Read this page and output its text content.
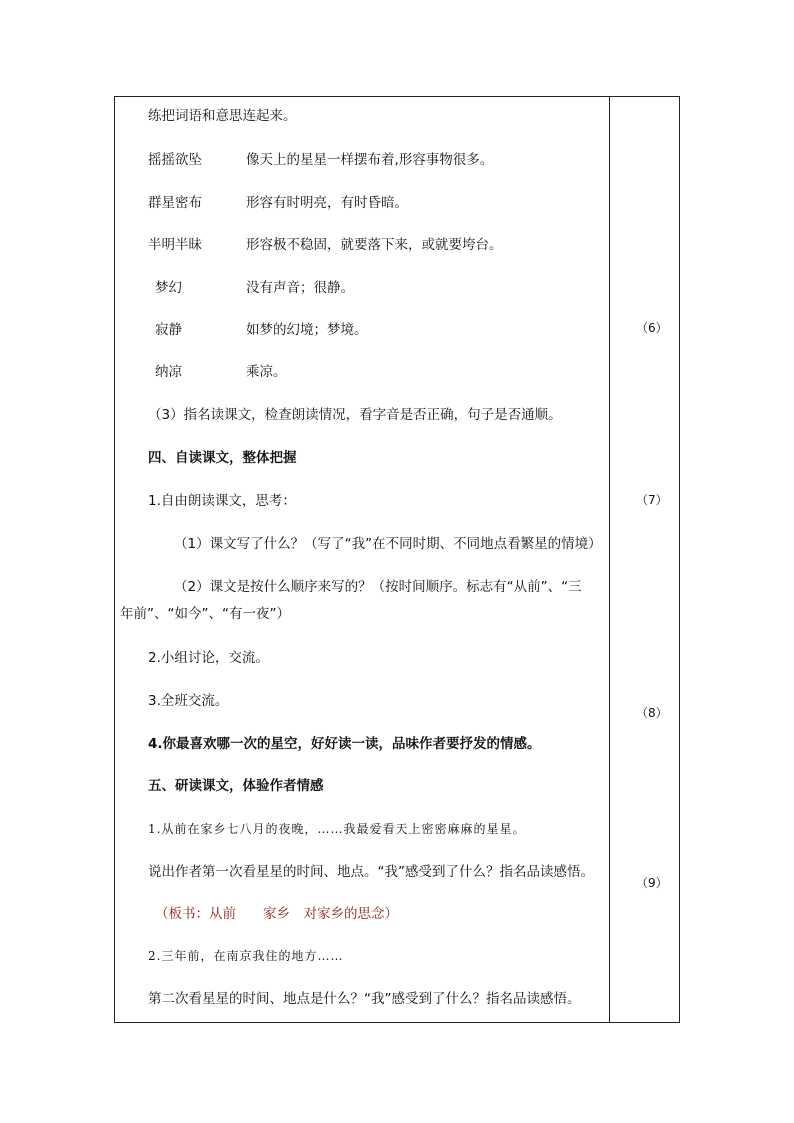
练把词语和意思连起来。
摇摇欲坠	像天上的星星一样摆布着,形容事物很多。
群星密布	形容有时明亮，有时昏暗。
半明半昧	形容极不稳固，就要落下来，或就要垮台。
梦幻	没有声音；很静。
寂静	如梦的幻境；梦境。
纳凉	乘凉。
（3）指名读课文，检查朗读情况，看字音是否正确，句子是否通顺。
四、自读课文，整体把握
1.自由朗读课文，思考：
（1）课文写了什么？（写了“我”在不同时期、不同地点看繁星的情境）
（2）课文是按什么顺序来写的？（按时间顺序。标志有“从前”、“三
年前”、“如今”、“有一夜”）
2.小组讨论，交流。
3.全班交流。
4.你最喜欢哪一次的星空，好好读一读，品味作者要抒发的情感。
五、研读课文，体验作者情感
1.从前在家乡七八月的夜晚，……我最爱看天上密密麻麻的星星。
说出作者第一次看星星的时间、地点。“我”感受到了什么？指名品读感悟。
（板书：从前　　家乡　对家乡的思念）
2.三年前，在南京我住的地方……
第二次看星星的时间、地点是什么？“我”感受到了什么？指名品读感悟。
（6）
（7）
（8）
（9）
